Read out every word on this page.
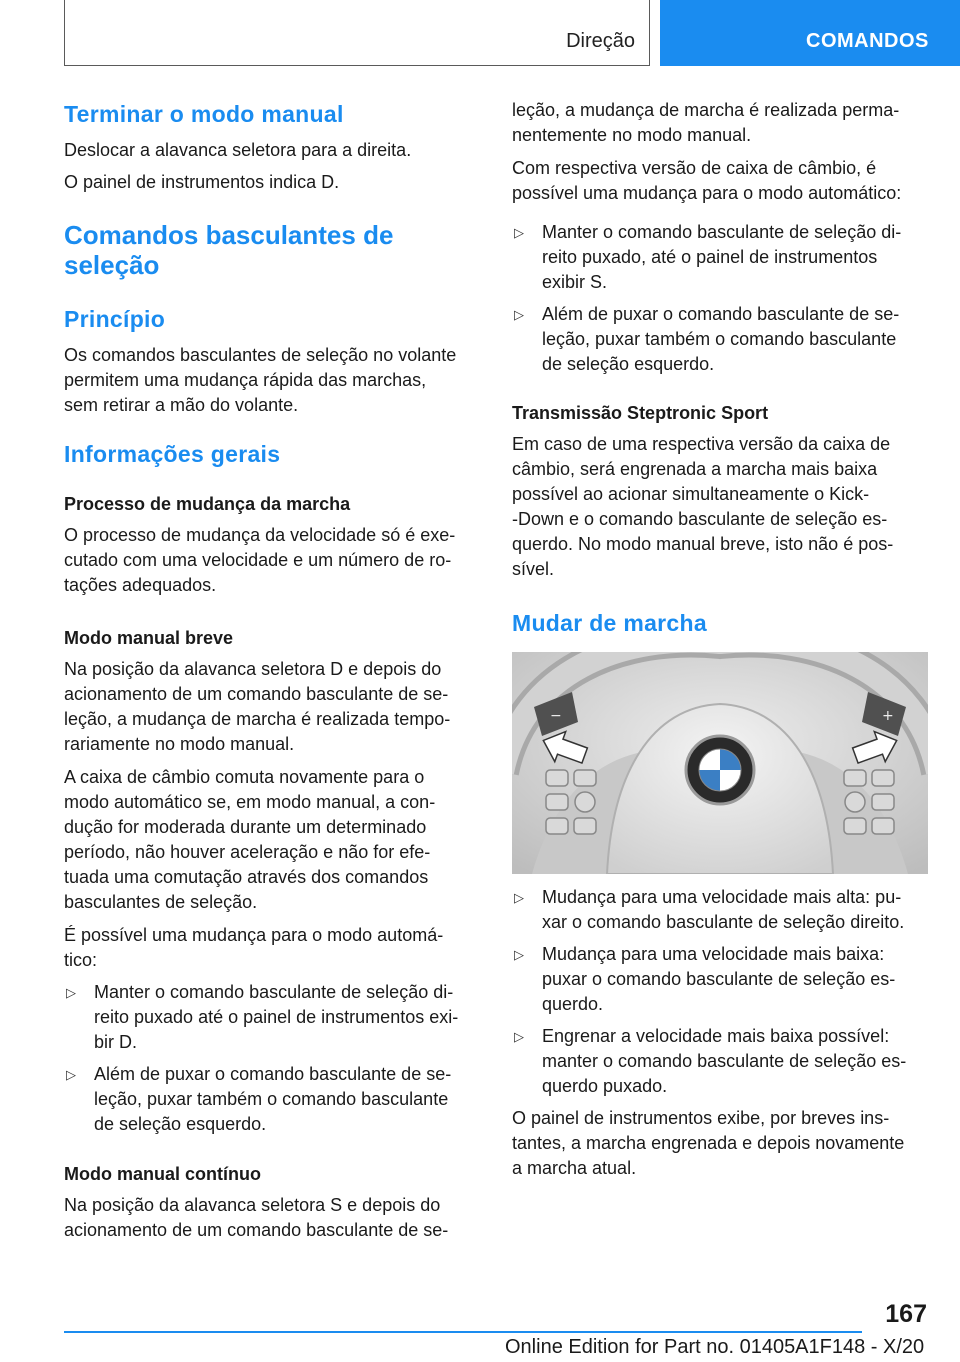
Direção	COMANDOS
Terminar o modo manual
Deslocar a alavanca seletora para a direita.
O painel de instrumentos indica D.
Comandos basculantes de
seleção
Princípio
Os comandos basculantes de seleção no volante
permitem uma mudança rápida das marchas,
sem retirar a mão do volante.
Informações gerais
Processo de mudança da marcha
O processo de mudança da velocidade só é exe-
cutado com uma velocidade e um número de ro-
tações adequados.
Modo manual breve
Na posição da alavanca seletora D e depois do
acionamento de um comando basculante de se-
leção, a mudança de marcha é realizada tempo-
rariamente no modo manual.
A caixa de câmbio comuta novamente para o
modo automático se, em modo manual, a con-
dução for moderada durante um determinado
período, não houver aceleração e não for efe-
tuada uma comutação através dos comandos
basculantes de seleção.
É possível uma mudança para o modo automá-
tico:
▷ Manter o comando basculante de seleção di-
reito puxado até o painel de instrumentos exi-
bir D.
▷ Além de puxar o comando basculante de se-
leção, puxar também o comando basculante
de seleção esquerdo.
Modo manual contínuo
Na posição da alavanca seletora S e depois do
acionamento de um comando basculante de se-
leção, a mudança de marcha é realizada perma-
nentemente no modo manual.
Com respectiva versão de caixa de câmbio, é
possível uma mudança para o modo automático:
▷ Manter o comando basculante de seleção di-
reito puxado, até o painel de instrumentos
exibir S.
▷ Além de puxar o comando basculante de se-
leção, puxar também o comando basculante
de seleção esquerdo.
Transmissão Steptronic Sport
Em caso de uma respectiva versão da caixa de
câmbio, será engrenada a marcha mais baixa
possível ao acionar simultaneamente o Kick-
-Down e o comando basculante de seleção es-
querdo. No modo manual breve, isto não é pos-
sível.
Mudar de marcha
−	+
▷ Mudança para uma velocidade mais alta: pu-
xar o comando basculante de seleção direito.
▷ Mudança para uma velocidade mais baixa:
puxar o comando basculante de seleção es-
querdo.
▷ Engrenar a velocidade mais baixa possível:
manter o comando basculante de seleção es-
querdo puxado.
O painel de instrumentos exibe, por breves ins-
tantes, a marcha engrenada e depois novamente
a marcha atual.
167
Online Edition for Part no. 01405A1F148 - X/20
